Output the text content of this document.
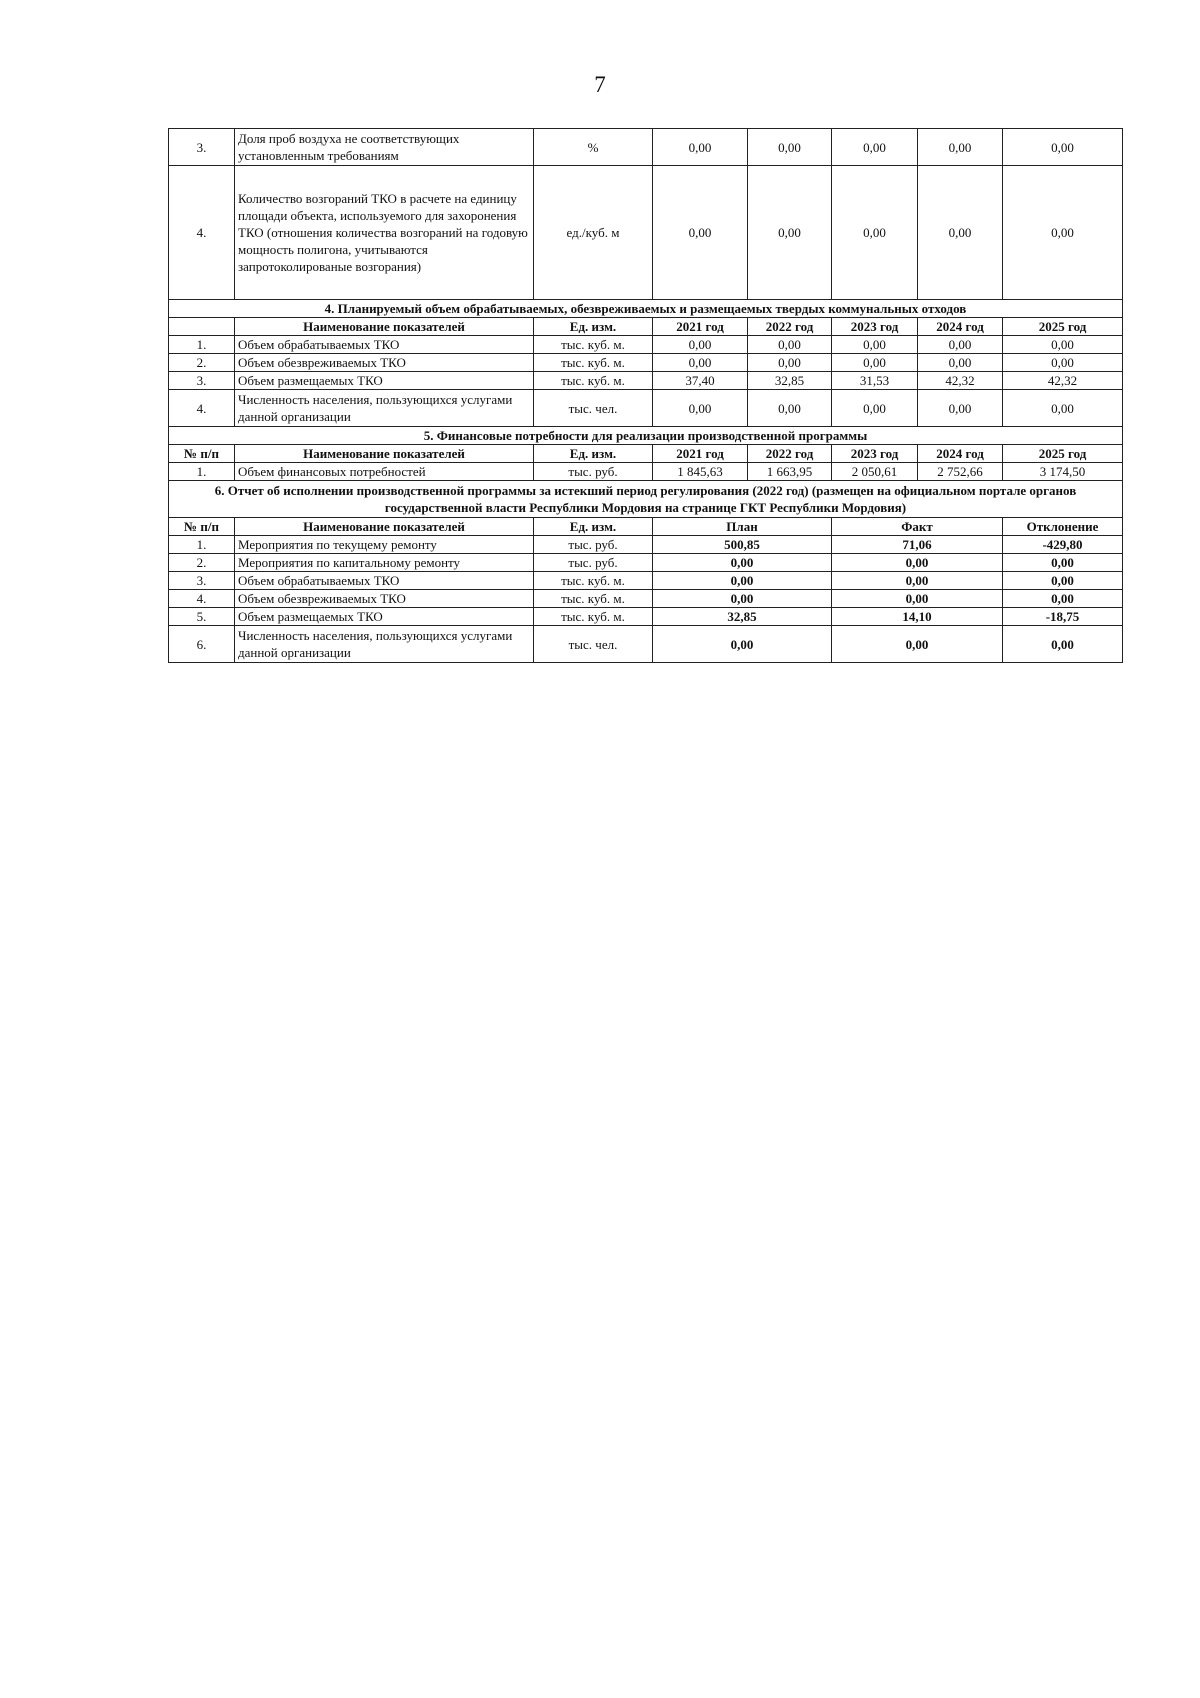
7
3.	Доля проб воздуха не соответствующих установленным требованиям	%	0,00	0,00	0,00	0,00	0,00
4.	Количество возгораний ТКО в расчете на единицу площади объекта, используемого для захоронения ТКО (отношения количества возгораний на годовую мощность полигона, учитываются запротоколированые возгорания)	ед./куб. м	0,00	0,00	0,00	0,00	0,00
4. Планируемый объем обрабатываемых, обезвреживаемых и размещаемых твердых коммунальных отходов							
	Наименование показателей	Ед. изм.	2021 год	2022 год	2023 год	2024 год	2025 год
1.	Объем обрабатываемых ТКО	тыс. куб. м.	0,00	0,00	0,00	0,00	0,00
2.	Объем обезвреживаемых ТКО	тыс. куб. м.	0,00	0,00	0,00	0,00	0,00
3.	Объем размещаемых ТКО	тыс. куб. м.	37,40	32,85	31,53	42,32	42,32
4.	Численность населения, пользующихся услугами данной организации	тыс. чел.	0,00	0,00	0,00	0,00	0,00
5. Финансовые потребности для реализации производственной программы							
№ п/п	Наименование показателей	Ед. изм.	2021 год	2022 год	2023 год	2024 год	2025 год
1.	Объем финансовых потребностей	тыс. руб.	1 845,63	1 663,95	2 050,61	2 752,66	3 174,50
6. Отчет об исполнении производственной программы за истекший период регулирования (2022 год) (размещен на официальном портале органов государственной власти Республики Мордовия на странице ГКТ Республики Мордовия)							
№ п/п	Наименование показателей	Ед. изм.	План		Факт		Отклонение
1.	Мероприятия по текущему ремонту	тыс. руб.	500,85		71,06		-429,80
2.	Мероприятия по капитальному ремонту	тыс. руб.	0,00		0,00		0,00
3.	Объем обрабатываемых ТКО	тыс. куб. м.	0,00		0,00		0,00
4.	Объем обезвреживаемых ТКО	тыс. куб. м.	0,00		0,00		0,00
5.	Объем размещаемых ТКО	тыс. куб. м.	32,85		14,10		-18,75
6.	Численность населения, пользующихся услугами данной организации	тыс. чел.	0,00		0,00		0,00
